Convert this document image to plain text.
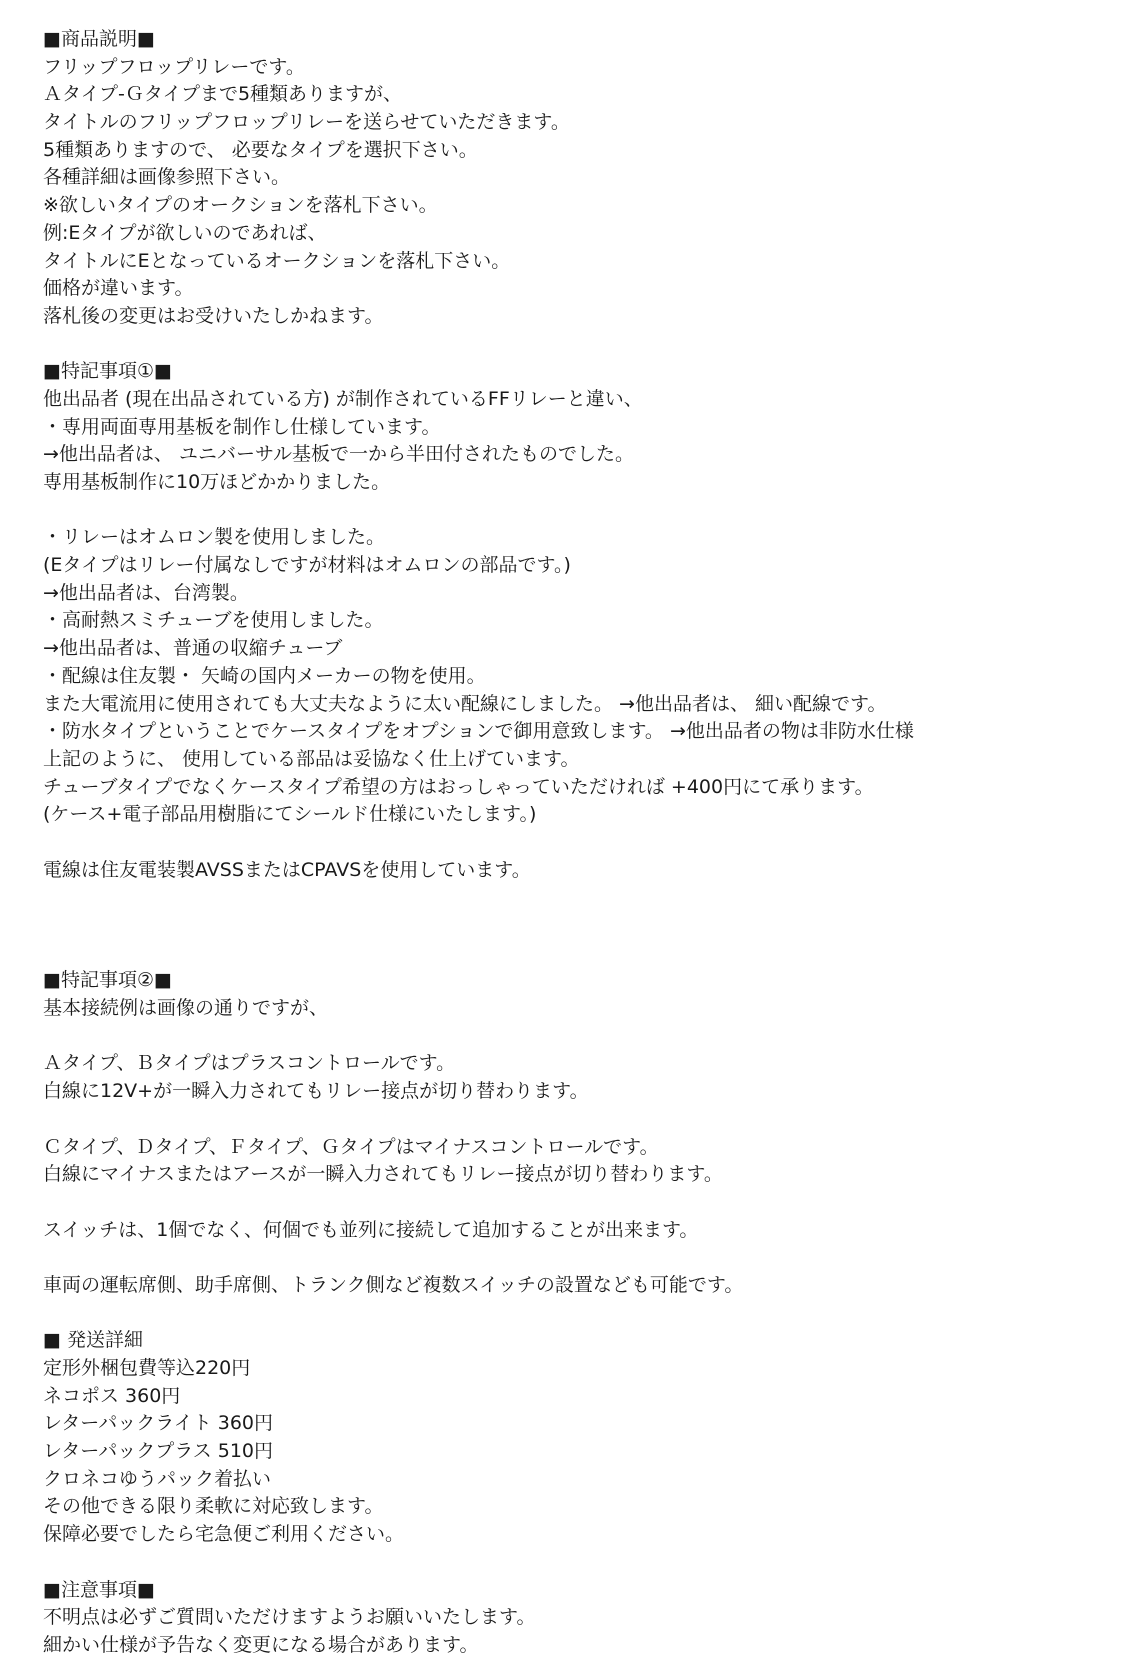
■商品説明■
フリップフロップリレーです。
Ａタイプ-Ｇタイプまで5種類ありますが、
タイトルのフリップフロップリレーを送らせていただきます。
5種類ありますので、 必要なタイプを選択下さい。
各種詳細は画像参照下さい。
※欲しいタイプのオークションを落札下さい。
例:Eタイプが欲しいのであれば、
タイトルにEとなっているオークションを落札下さい。
価格が違います。
落札後の変更はお受けいたしかねます。
■特記事項①■
他出品者 (現在出品されている方) が制作されているFFリレーと違い、
・専用両面専用基板を制作し仕様しています。
→他出品者は、 ユニバーサル基板で一から半田付されたものでした。
専用基板制作に10万ほどかかりました。
・リレーはオムロン製を使用しました。
(Eタイプはリレー付属なしですが材料はオムロンの部品です。)
→他出品者は、台湾製。
・高耐熱スミチューブを使用しました。
→他出品者は、普通の収縮チューブ
・配線は住友製・ 矢崎の国内メーカーの物を使用。
また大電流用に使用されても大丈夫なように太い配線にしました。 →他出品者は、 細い配線です。
・防水タイプということでケースタイプをオプションで御用意致します。 →他出品者の物は非防水仕様
上記のように、 使用している部品は妥協なく仕上げています。
チューブタイプでなくケースタイプ希望の方はおっしゃっていただければ +400円にて承ります。
(ケース+電子部品用樹脂にてシールド仕様にいたします。)
電線は住友電装製AVSSまたはCPAVSを使用しています。
■特記事項②■
基本接続例は画像の通りですが、
Ａタイプ、Ｂタイプはプラスコントロールです。
白線に12V+が一瞬入力されてもリレー接点が切り替わります。
Ｃタイプ、Ｄタイプ、Ｆタイプ、Ｇタイプはマイナスコントロールです。
白線にマイナスまたはアースが一瞬入力されてもリレー接点が切り替わります。
スイッチは、1個でなく、何個でも並列に接続して追加することが出来ます。
車両の運転席側、助手席側、トランク側など複数スイッチの設置なども可能です。
■ 発送詳細
定形外梱包費等込220円
ネコポス 360円
レターパックライト 360円
レターパックプラス 510円
クロネコゆうパック着払い
その他できる限り柔軟に対応致します。
保障必要でしたら宅急便ご利用ください。
■注意事項■
不明点は必ずご質問いただけますようお願いいたします。
細かい仕様が予告なく変更になる場合があります。
